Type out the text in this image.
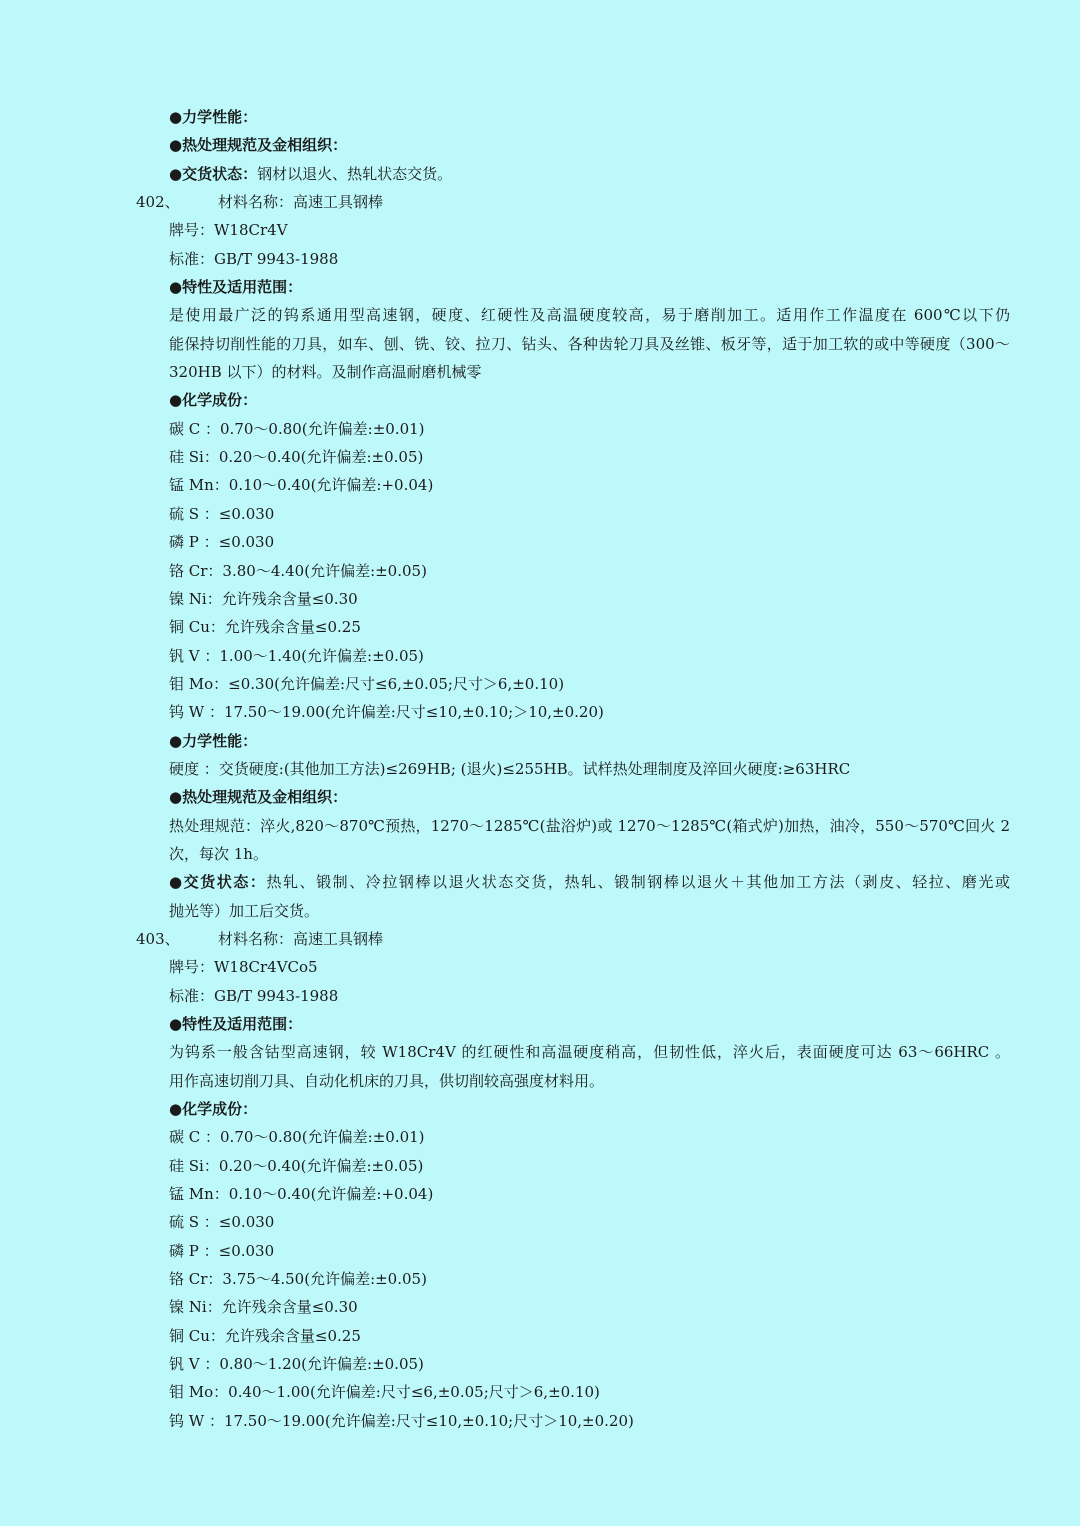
●力学性能：
●热处理规范及金相组织：
●交货状态：钢材以退火、热轧状态交货。
402、	材料名称：高速工具钢棒
牌号：W18Cr4V
标准：GB/T 9943-1988
●特性及适用范围：
是使用最广泛的钨系通用型高速钢，硬度、红硬性及高温硬度较高，易于磨削加工。适用作工作温度在 600℃以下仍
能保持切削性能的刀具，如车、刨、铣、铰、拉刀、钻头、各种齿轮刀具及丝锥、板牙等，适于加工软的或中等硬度（300～
320HB 以下）的材料。及制作高温耐磨机械零
●化学成份：
碳 C ：0.70～0.80(允许偏差:±0.01)
硅 Si：0.20～0.40(允许偏差:±0.05)
锰 Mn：0.10～0.40(允许偏差:+0.04)
硫 S ：≤0.030
磷 P ：≤0.030
铬 Cr：3.80～4.40(允许偏差:±0.05)
镍 Ni：允许残余含量≤0.30
铜 Cu：允许残余含量≤0.25
钒 V ：1.00～1.40(允许偏差:±0.05)
钼 Mo：≤0.30(允许偏差:尺寸≤6,±0.05;尺寸＞6,±0.10)
钨 W ：17.50～19.00(允许偏差:尺寸≤10,±0.10;＞10,±0.20)
●力学性能：
硬度 ：交货硬度:(其他加工方法)≤269HB; (退火)≤255HB。试样热处理制度及淬回火硬度:≥63HRC
●热处理规范及金相组织：
热处理规范：淬火,820～870℃预热，1270～1285℃(盐浴炉)或 1270～1285℃(箱式炉)加热，油冷，550～570℃回火 2
次，每次 1h。
●交货状态：热轧、锻制、冷拉钢棒以退火状态交货，热轧、锻制钢棒以退火＋其他加工方法（剥皮、轻拉、磨光或
抛光等）加工后交货。
403、	材料名称：高速工具钢棒
牌号：W18Cr4VCo5
标准：GB/T 9943-1988
●特性及适用范围：
为钨系一般含钴型高速钢，较 W18Cr4V 的红硬性和高温硬度稍高，但韧性低，淬火后，表面硬度可达 63～66HRC 。
用作高速切削刀具、自动化机床的刀具，供切削较高强度材料用。
●化学成份：
碳 C ：0.70～0.80(允许偏差:±0.01)
硅 Si：0.20～0.40(允许偏差:±0.05)
锰 Mn：0.10～0.40(允许偏差:+0.04)
硫 S ：≤0.030
磷 P ：≤0.030
铬 Cr：3.75～4.50(允许偏差:±0.05)
镍 Ni：允许残余含量≤0.30
铜 Cu：允许残余含量≤0.25
钒 V ：0.80～1.20(允许偏差:±0.05)
钼 Mo：0.40～1.00(允许偏差:尺寸≤6,±0.05;尺寸＞6,±0.10)
钨 W ：17.50～19.00(允许偏差:尺寸≤10,±0.10;尺寸＞10,±0.20)
